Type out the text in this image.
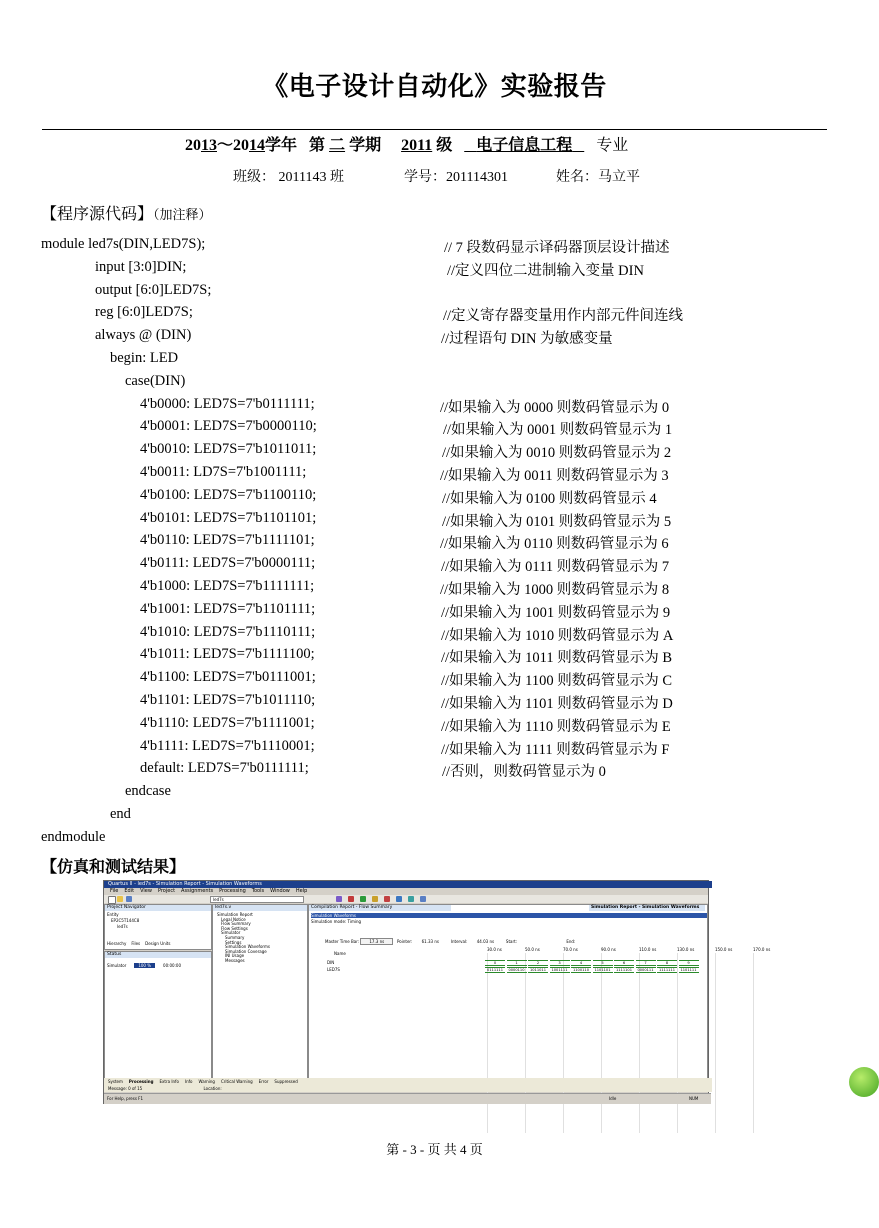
《电子设计自动化》实验报告
2013～2014学年 第 二 学期 2011 级 电子信息工程 专业
班级： 2011143 班	学号：201114301	姓名：马立平
【程序源代码】（加注释）
module led7s(DIN,LED7S);	// 7 段数码显示译码器顶层设计描述
input [3:0]DIN;	//定义四位二进制输入变量 DIN
output [6:0]LED7S;
reg [6:0]LED7S;	//定义寄存器变量用作内部元件间连线
always @ (DIN)	//过程语句 DIN 为敏感变量
begin: LED
case(DIN)
4'b0000: LED7S=7'b0111111;	//如果输入为 0000 则数码管显示为 0
4'b0001: LED7S=7'b0000110;	//如果输入为 0001 则数码管显示为 1
4'b0010: LED7S=7'b1011011;	//如果输入为 0010 则数码管显示为 2
4'b0011: LD7S=7'b1001111;	//如果输入为 0011 则数码管显示为 3
4'b0100: LED7S=7'b1100110;	//如果输入为 0100 则数码管显示 4
4'b0101: LED7S=7'b1101101;	//如果输入为 0101 则数码管显示为 5
4'b0110: LED7S=7'b1111101;	//如果输入为 0110 则数码管显示为 6
4'b0111: LED7S=7'b0000111;	//如果输入为 0111 则数码管显示为 7
4'b1000: LED7S=7'b1111111;	//如果输入为 1000 则数码管显示为 8
4'b1001: LED7S=7'b1101111;	//如果输入为 1001 则数码管显示为 9
4'b1010: LED7S=7'b1110111;	//如果输入为 1010 则数码管显示为 A
4'b1011: LED7S=7'b1111100;	//如果输入为 1011 则数码管显示为 B
4'b1100: LED7S=7'b0111001;	//如果输入为 1100 则数码管显示为 C
4'b1101: LED7S=7'b1011110;	//如果输入为 1101 则数码管显示为 D
4'b1110: LED7S=7'b1111001;	//如果输入为 1110 则数码管显示为 E
4'b1111: LED7S=7'b1110001;	//如果输入为 1111 则数码管显示为 F
default: LED7S=7'b0111111;	//否则，则数码管显示为 0
endcase
end
endmodule
【仿真和测试结果】
Quartus II - led7s - Simulation Report - Simulation Waveforms
File Edit View Project Assignments Processing Tools Window Help
led7s
Project Navigator
Entity
EP2C5T144C8
led7s
Hierarchy Files Design Units
Status
Simulator	100 %	00:00:00
led7s.v
Simulation Report
Legal Notice
Flow Summary
Flow Settings
Simulator
Summary
Settings
Simulation Waveforms
Simulation Coverage
INI Usage
Messages
Compilation Report - Flow Summary	Simulation Report - Simulation Waveforms
Simulation Waveforms
Simulation mode: Timing
Master Time Bar:	17.3 ns	Pointer: 61.33 ns	Interval: 44.03 ns	Start:	End:
Name
30.0 ns	50.0 ns	70.0 ns	90.0 ns	110.0 ns	130.0 ns	150.0 ns	170.0 ns
DIN	0	1	2	3	4	5	6	7	8	9
LED7S	0111111	0000110	1011011	1001111	1100110	1101101	1111101	0000111	1111111	1101111
System Processing Extra Info Info Warning Critical Warning Error Suppressed
Message: 0 of 15	Location:
For Help, press F1	Idle	NUM
第 - 3 - 页 共 4 页
